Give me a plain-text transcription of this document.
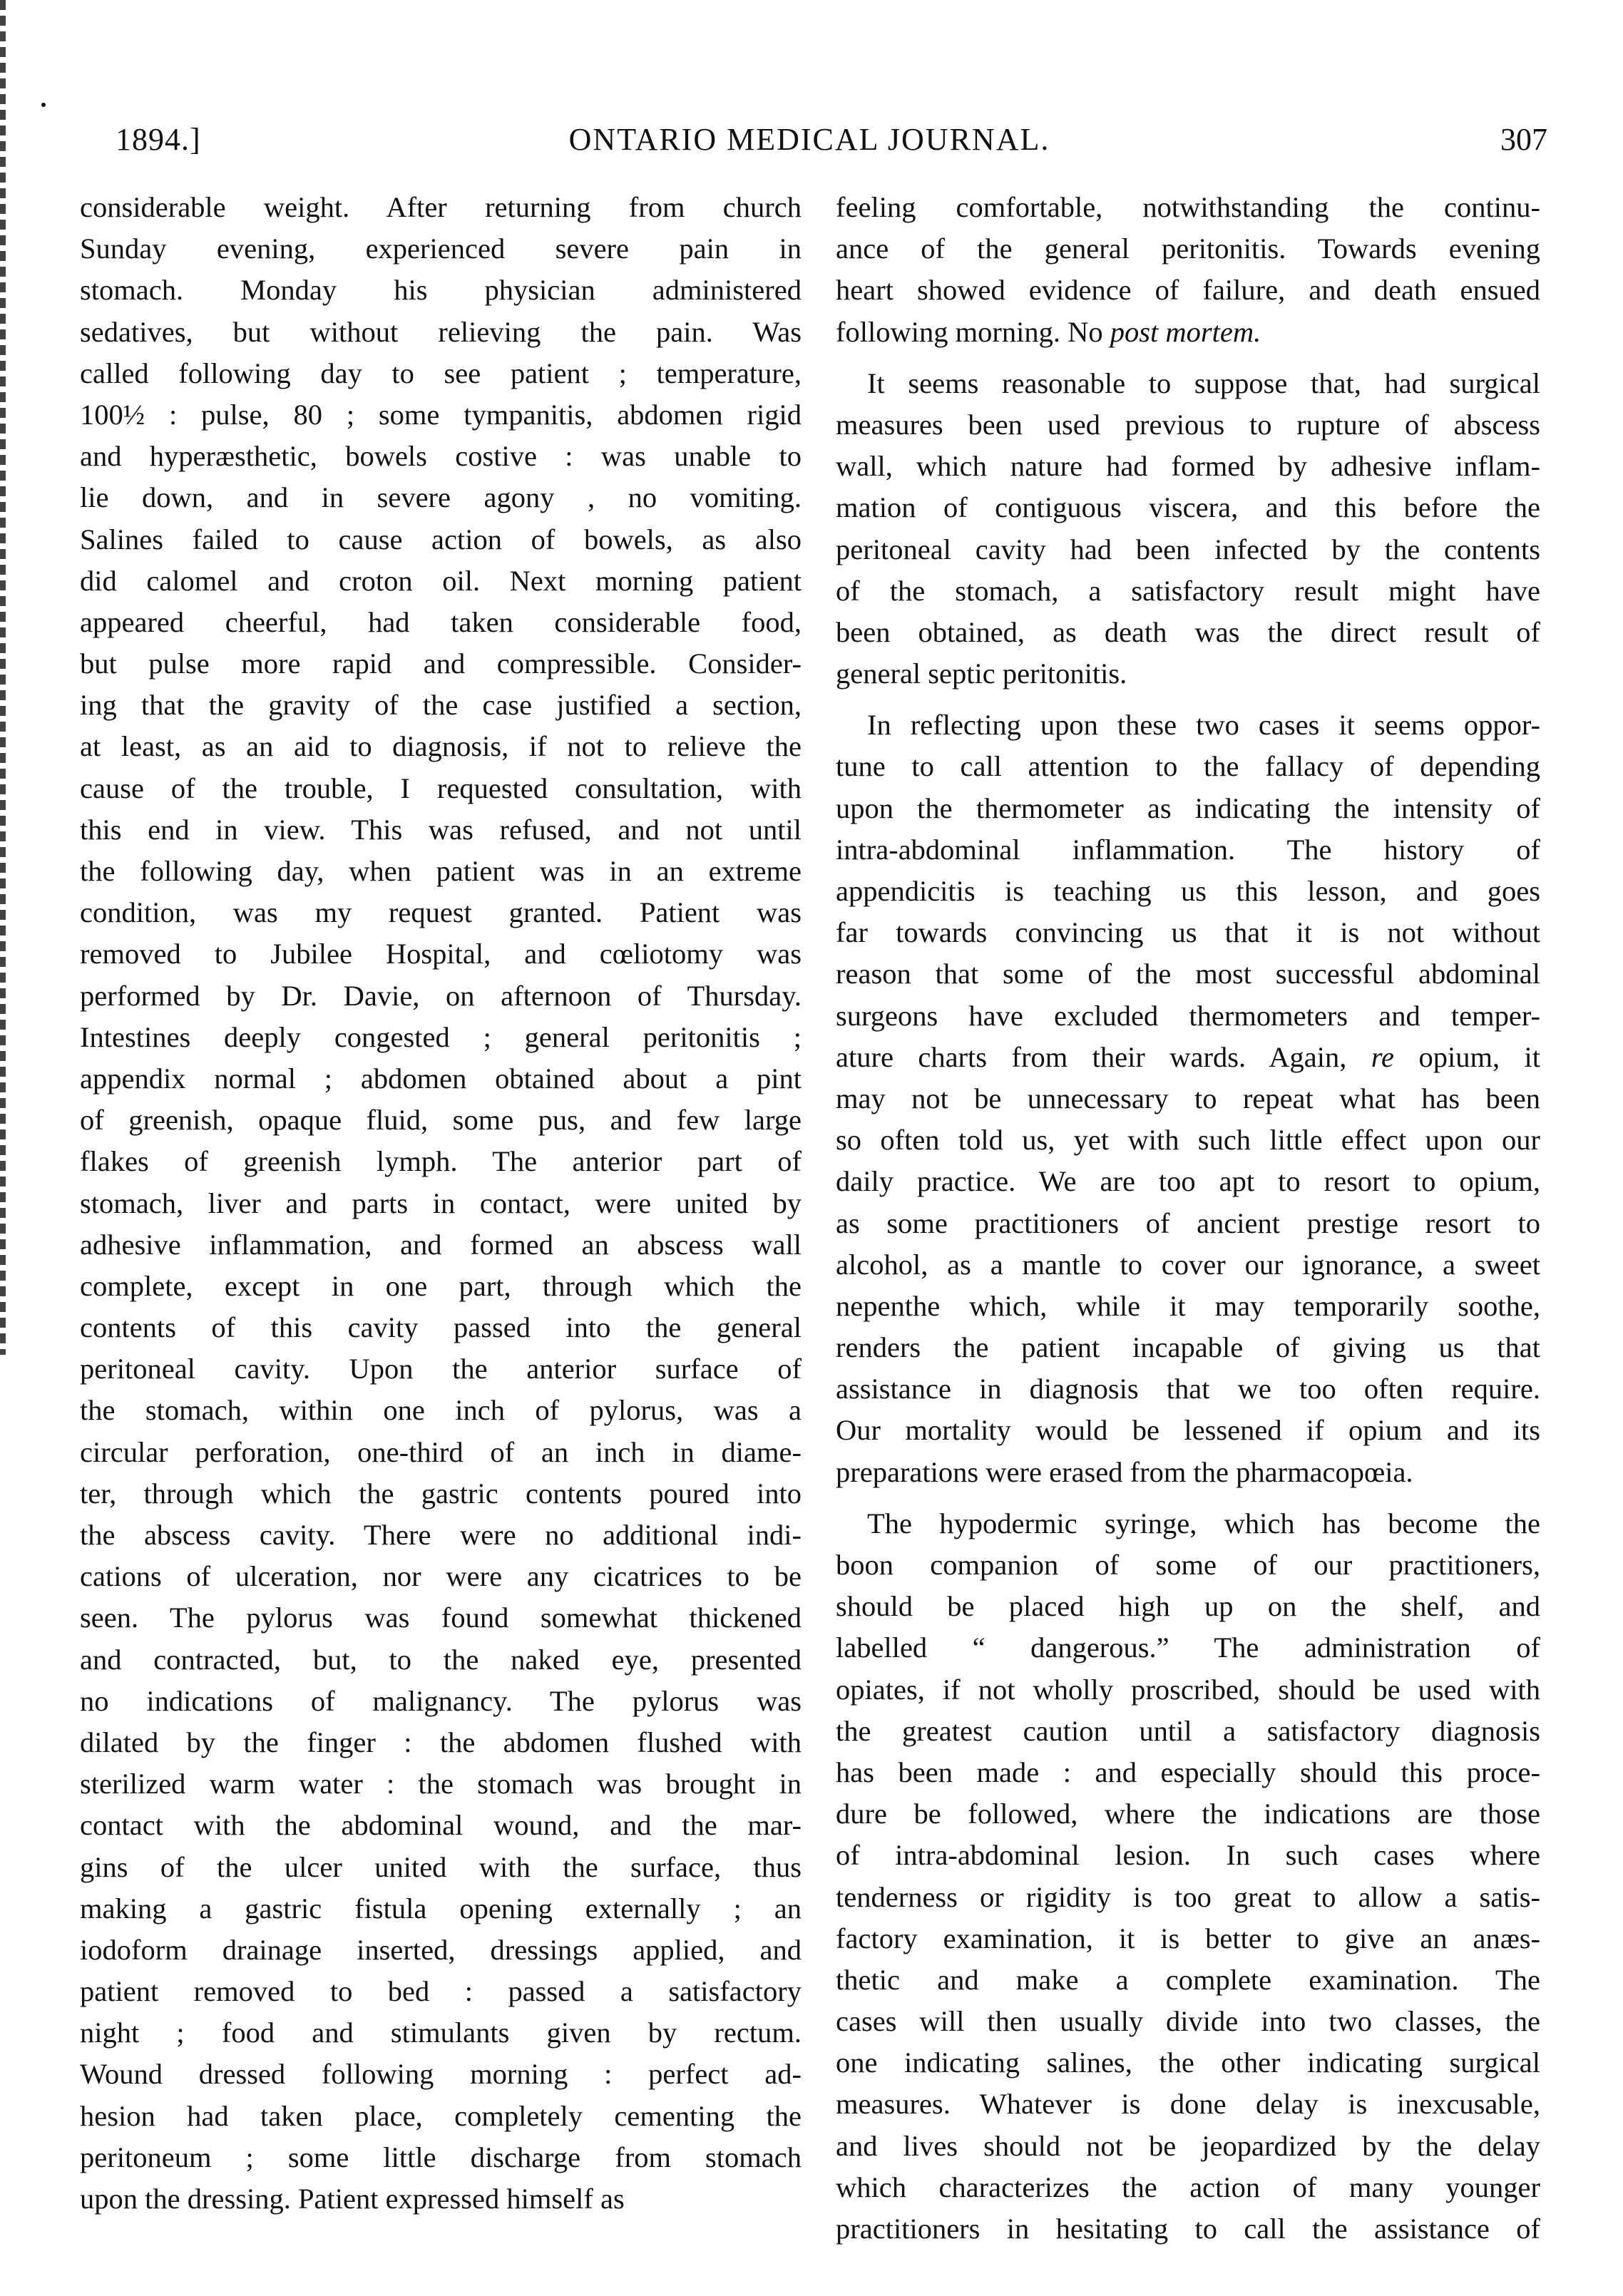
1894.]	ONTARIO MEDICAL JOURNAL.	307
considerable weight. After returning from church
Sunday evening, experienced severe pain in
stomach. Monday his physician administered
sedatives, but without relieving the pain. Was
called following day to see patient ; temperature,
100½ : pulse, 80 ; some tympanitis, abdomen rigid
and hyperæsthetic, bowels costive : was unable to
lie down, and in severe agony , no vomiting.
Salines failed to cause action of bowels, as also
did calomel and croton oil. Next morning patient
appeared cheerful, had taken considerable food,
but pulse more rapid and compressible. Consider-
ing that the gravity of the case justified a section,
at least, as an aid to diagnosis, if not to relieve the
cause of the trouble, I requested consultation, with
this end in view. This was refused, and not until
the following day, when patient was in an extreme
condition, was my request granted. Patient was
removed to Jubilee Hospital, and cœliotomy was
performed by Dr. Davie, on afternoon of Thursday.
Intestines deeply congested ; general peritonitis ;
appendix normal ; abdomen obtained about a pint
of greenish, opaque fluid, some pus, and few large
flakes of greenish lymph. The anterior part of
stomach, liver and parts in contact, were united by
adhesive inflammation, and formed an abscess wall
complete, except in one part, through which the
contents of this cavity passed into the general
peritoneal cavity. Upon the anterior surface of
the stomach, within one inch of pylorus, was a
circular perforation, one-third of an inch in diame-
ter, through which the gastric contents poured into
the abscess cavity. There were no additional indi-
cations of ulceration, nor were any cicatrices to be
seen. The pylorus was found somewhat thickened
and contracted, but, to the naked eye, presented
no indications of malignancy. The pylorus was
dilated by the finger : the abdomen flushed with
sterilized warm water : the stomach was brought in
contact with the abdominal wound, and the mar-
gins of the ulcer united with the surface, thus
making a gastric fistula opening externally ; an
iodoform drainage inserted, dressings applied, and
patient removed to bed : passed a satisfactory
night ; food and stimulants given by rectum.
Wound dressed following morning : perfect ad-
hesion had taken place, completely cementing the
peritoneum ; some little discharge from stomach
upon the dressing. Patient expressed himself as
feeling comfortable, notwithstanding the continu-
ance of the general peritonitis. Towards evening
heart showed evidence of failure, and death ensued
following morning. No post mortem.
It seems reasonable to suppose that, had surgical
measures been used previous to rupture of abscess
wall, which nature had formed by adhesive inflam-
mation of contiguous viscera, and this before the
peritoneal cavity had been infected by the contents
of the stomach, a satisfactory result might have
been obtained, as death was the direct result of
general septic peritonitis.
In reflecting upon these two cases it seems oppor-
tune to call attention to the fallacy of depending
upon the thermometer as indicating the intensity of
intra-abdominal inflammation. The history of
appendicitis is teaching us this lesson, and goes
far towards convincing us that it is not without
reason that some of the most successful abdominal
surgeons have excluded thermometers and temper-
ature charts from their wards. Again, re opium, it
may not be unnecessary to repeat what has been
so often told us, yet with such little effect upon our
daily practice. We are too apt to resort to opium,
as some practitioners of ancient prestige resort to
alcohol, as a mantle to cover our ignorance, a sweet
nepenthe which, while it may temporarily soothe,
renders the patient incapable of giving us that
assistance in diagnosis that we too often require.
Our mortality would be lessened if opium and its
preparations were erased from the pharmacopœia.
The hypodermic syringe, which has become the
boon companion of some of our practitioners,
should be placed high up on the shelf, and
labelled “ dangerous.” The administration of
opiates, if not wholly proscribed, should be used with
the greatest caution until a satisfactory diagnosis
has been made : and especially should this proce-
dure be followed, where the indications are those
of intra-abdominal lesion. In such cases where
tenderness or rigidity is too great to allow a satis-
factory examination, it is better to give an anæs-
thetic and make a complete examination. The
cases will then usually divide into two classes, the
one indicating salines, the other indicating surgical
measures. Whatever is done delay is inexcusable,
and lives should not be jeopardized by the delay
which characterizes the action of many younger
practitioners in hesitating to call the assistance of
